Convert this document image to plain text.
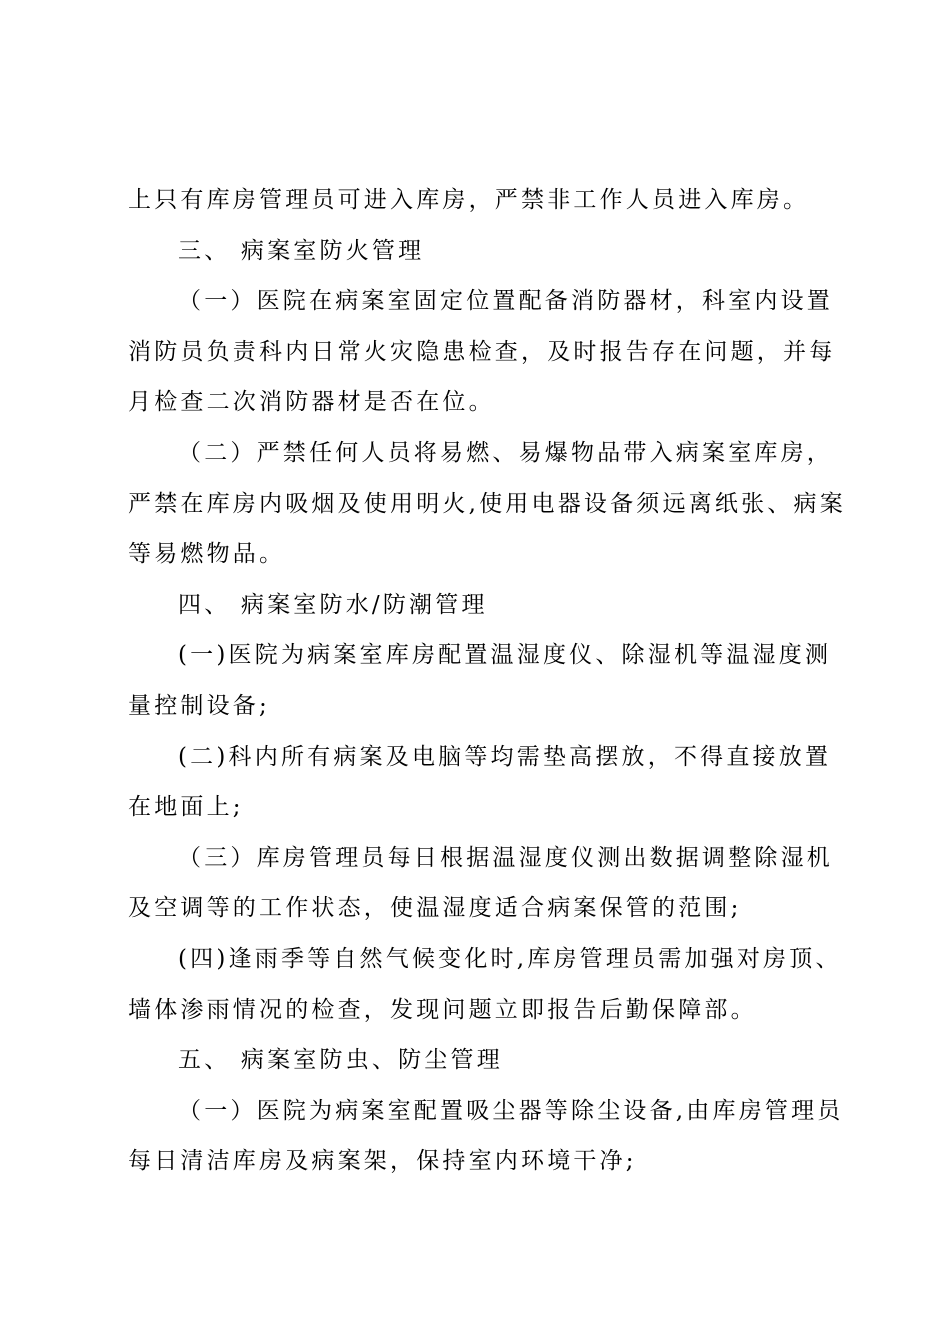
上只有库房管理员可进入库房，严禁非工作人员进入库房。
三、 病案室防火管理
（一）医院在病案室固定位置配备消防器材，科室内设置
消防员负责科内日常火灾隐患检查，及时报告存在问题，并每
月检查二次消防器材是否在位。
（二）严禁任何人员将易燃、易爆物品带入病案室库房，
严禁在库房内吸烟及使用明火,使用电器设备须远离纸张、病案
等易燃物品。
四、 病案室防水/防潮管理
(一)医院为病案室库房配置温湿度仪、除湿机等温湿度测
量控制设备;
(二)科内所有病案及电脑等均需垫高摆放，不得直接放置
在地面上;
（三）库房管理员每日根据温湿度仪测出数据调整除湿机
及空调等的工作状态，使温湿度适合病案保管的范围;
(四)逢雨季等自然气候变化时,库房管理员需加强对房顶、
墙体渗雨情况的检查，发现问题立即报告后勤保障部。
五、 病案室防虫、防尘管理
（一）医院为病案室配置吸尘器等除尘设备,由库房管理员
每日清洁库房及病案架，保持室内环境干净;
